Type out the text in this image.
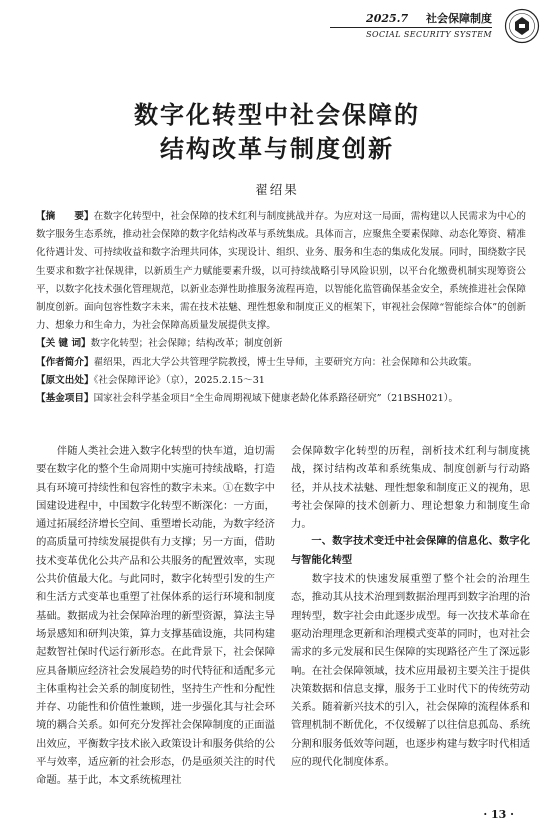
2025.7 社会保障制度
SOCIAL SECURITY SYSTEM
数字化转型中社会保障的
结构改革与制度创新
翟绍果

【摘　　要】在数字化转型中，社会保障的技术红利与制度挑战并存。为应对这一局面，需构建以人民需求为中心的数字服务生态系统，推动社会保障的数字化结构改革与系统集成。具体而言，应聚焦全要素保障、动态化筹资、精准化待遇计发、可持续收益和数字治理共同体，实现设计、组织、业务、服务和生态的集成化发展。同时，围绕数字民生要求和数字社保规律，以新质生产力赋能要素升级，以可持续战略引导风险识别，以平台化缴费机制实现筹资公平，以数字化技术强化管理规范，以新业态弹性助推服务流程再造，以智能化监管确保基金安全，系统推进社会保障制度创新。面向包容性数字未来，需在技术祛魅、理性想象和制度正义的框架下，审视社会保障“智能综合体”的创新力、想象力和生命力，为社会保障高质量发展提供支撑。

【关 键 词】数字化转型；社会保障；结构改革；制度创新

【作者简介】翟绍果，西北大学公共管理学院教授，博士生导师，主要研究方向：社会保障和公共政策。

【原文出处】《社会保障评论》（京），2025.2.15～31

【基金项目】国家社会科学基金项目“全生命周期视域下健康老龄化体系路径研究”（21BSH021）。

伴随人类社会进入数字化转型的快车道，迫切需要在数字化的整个生命周期中实施可持续战略，打造具有环境可持续性和包容性的数字未来。①在数字中国建设进程中，中国数字化转型不断深化：一方面，通过拓展经济增长空间、重塑增长动能，为数字经济的高质量可持续发展提供有力支撑；另一方面，借助技术变革优化公共产品和公共服务的配置效率，实现公共价值最大化。与此同时，数字化转型引发的生产和生活方式变革也重塑了社保体系的运行环境和制度基础。数据成为社会保障治理的新型资源，算法主导场景感知和研判决策，算力支撑基础设施，共同构建起数智社保时代运行新形态。在此背景下，社会保障应具备顺应经济社会发展趋势的时代特征和适配多元主体重构社会关系的制度韧性，坚持生产性和分配性并存、功能性和价值性兼顾，进一步强化其与社会环境的耦合关系。如何充分发挥社会保障制度的正面溢出效应，平衡数字技术嵌入政策设计和服务供给的公平与效率，适应新的社会形态，仍是亟须关注的时代命题。基于此，本文系统梳理社

会保障数字化转型的历程，剖析技术红利与制度挑战，探讨结构改革和系统集成、制度创新与行动路径，并从技术祛魅、理性想象和制度正义的视角，思考社会保障的技术创新力、理论想象力和制度生命力。

一、数字技术变迁中社会保障的信息化、数字化与智能化转型

数字技术的快速发展重塑了整个社会的治理生态，推动其从技术治理到数据治理再到数字治理的治理转型，数字社会由此逐步成型。每一次技术革命在驱动治理理念更新和治理模式变革的同时，也对社会需求的多元发展和民生保障的实现路径产生了深远影响。在社会保障领域，技术应用最初主要关注于提供决策数据和信息支撑，服务于工业时代下的传统劳动关系。随着新兴技术的引入，社会保障的流程体系和管理机制不断优化，不仅缓解了以往信息孤岛、系统分割和服务低效等问题，也逐步构建与数字时代相适应的现代化制度体系。

· 13 ·
